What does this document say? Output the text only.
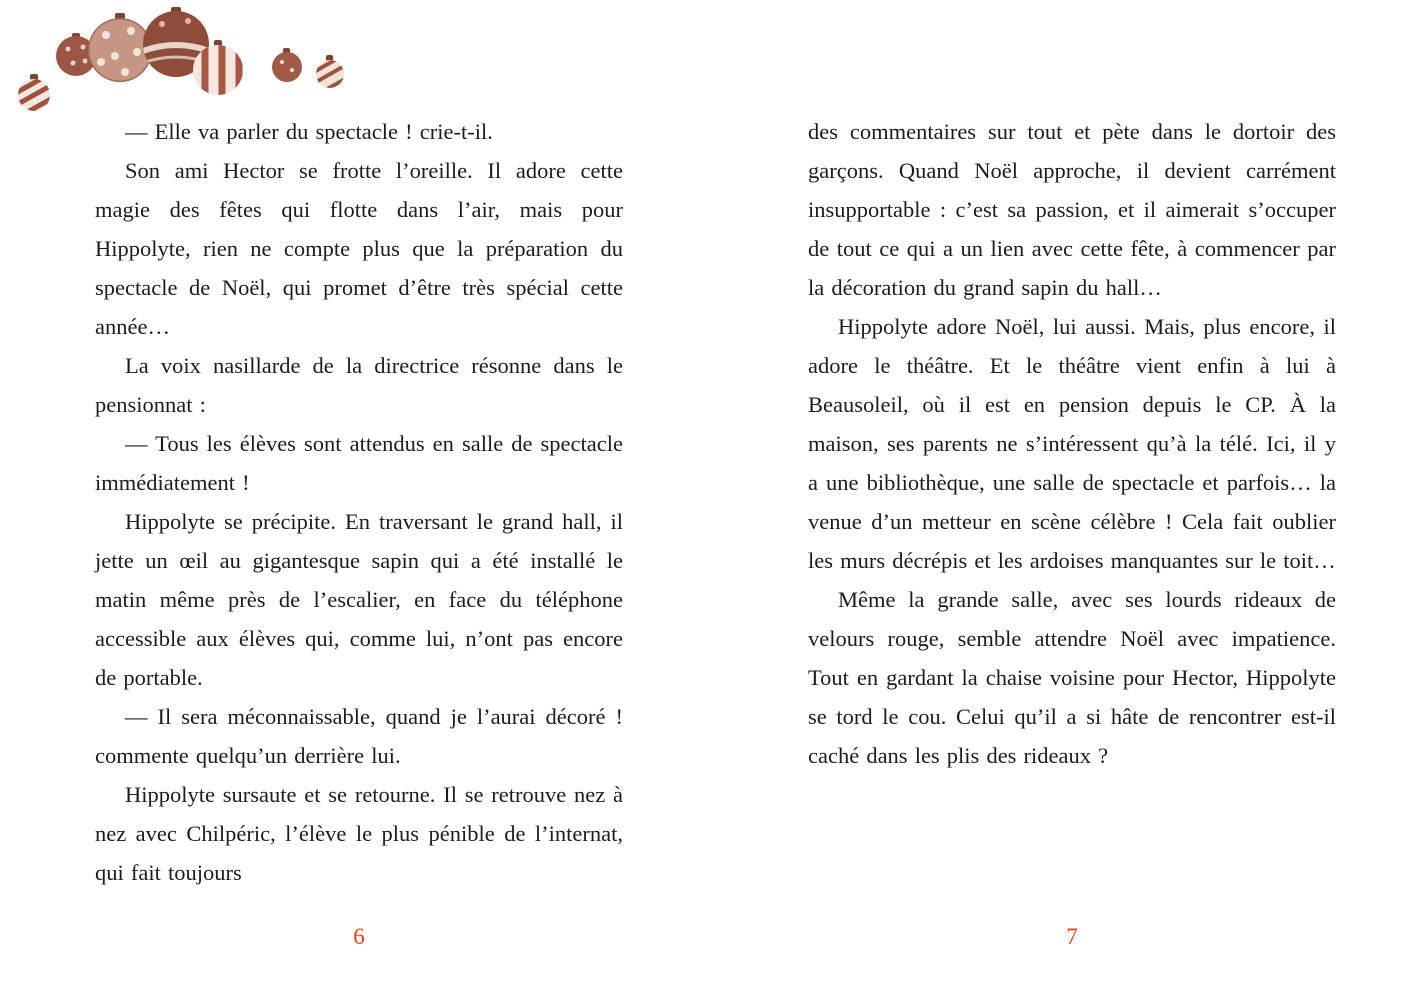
— Elle va parler du spectacle ! crie-t-il.

Son ami Hector se frotte l’oreille. Il adore cette magie des fêtes qui flotte dans l’air, mais pour Hippolyte, rien ne compte plus que la préparation du spectacle de Noël, qui promet d’être très spécial cette année…

La voix nasillarde de la directrice résonne dans le pensionnat :

— Tous les élèves sont attendus en salle de spectacle immédiatement !

Hippolyte se précipite. En traversant le grand hall, il jette un œil au gigantesque sapin qui a été installé le matin même près de l’escalier, en face du téléphone accessible aux élèves qui, comme lui, n’ont pas encore de portable.

— Il sera méconnaissable, quand je l’aurai décoré ! commente quelqu’un derrière lui.

Hippolyte sursaute et se retourne. Il se retrouve nez à nez avec Chilpéric, l’élève le plus pénible de l’internat, qui fait toujours

6

des commentaires sur tout et pète dans le dortoir des garçons. Quand Noël approche, il devient carrément insupportable : c’est sa passion, et il aimerait s’occuper de tout ce qui a un lien avec cette fête, à commencer par la décoration du grand sapin du hall…

Hippolyte adore Noël, lui aussi. Mais, plus encore, il adore le théâtre. Et le théâtre vient enfin à lui à Beausoleil, où il est en pension depuis le CP. À la maison, ses parents ne s’intéressent qu’à la télé. Ici, il y a une bibliothèque, une salle de spectacle et parfois… la venue d’un metteur en scène célèbre ! Cela fait oublier les murs décrépis et les ardoises manquantes sur le toit…

Même la grande salle, avec ses lourds rideaux de velours rouge, semble attendre Noël avec impatience. Tout en gardant la chaise voisine pour Hector, Hippolyte se tord le cou. Celui qu’il a si hâte de rencontrer est-il caché dans les plis des rideaux ?

7
